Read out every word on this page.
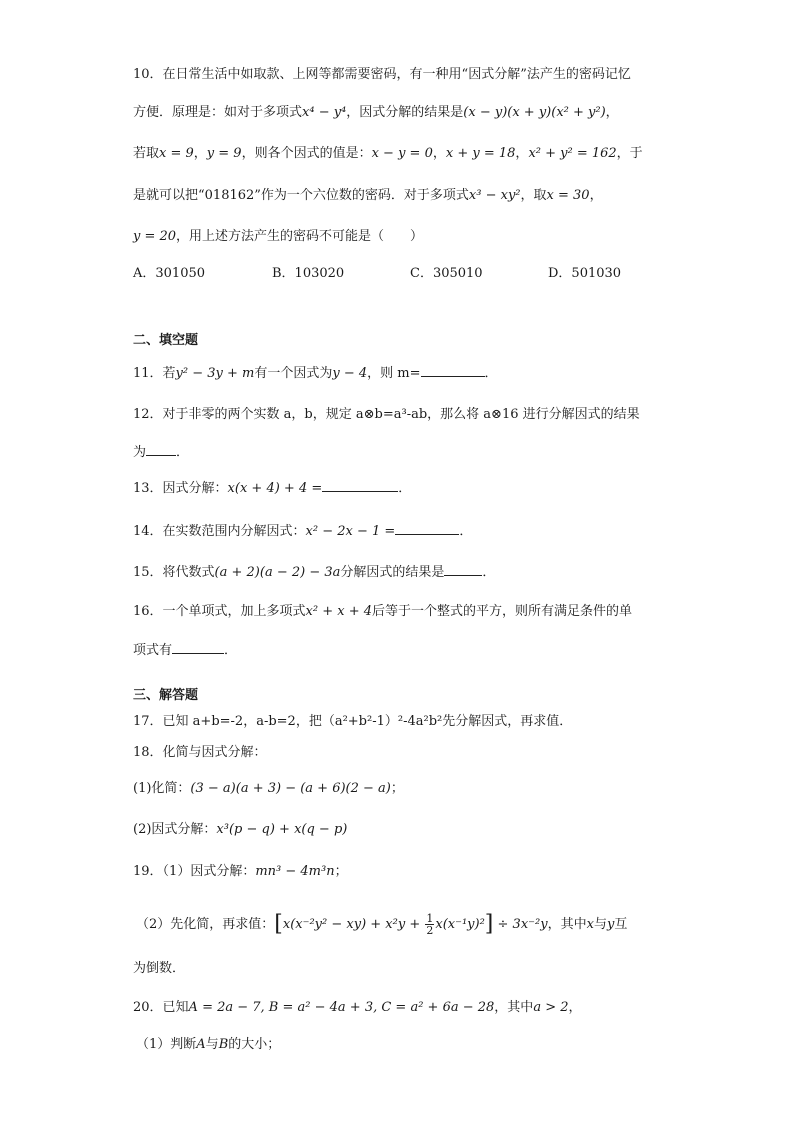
10．在日常生活中如取款、上网等都需要密码，有一种用“因式分解”法产生的密码记忆
方便．原理是：如对于多项式x⁴ − y⁴，因式分解的结果是(x − y)(x + y)(x² + y²)，
若取x = 9，y = 9，则各个因式的值是：x − y = 0，x + y = 18，x² + y² = 162，于
是就可以把“018162”作为一个六位数的密码．对于多项式x³ − xy²，取x = 30，
y = 20，用上述方法产生的密码不可能是（　　）
A．301050	B．103020	C．305010	D．501030
二、填空题
11．若y² − 3y + m有一个因式为y − 4，则 m=	．
12．对于非零的两个实数 a，b，规定 a⊗b=a³-ab，那么将 a⊗16 进行分解因式的结果
为 ．
13．因式分解：x(x + 4) + 4 =	．
14．在实数范围内分解因式：x² − 2x − 1 =	．
15．将代数式(a + 2)(a − 2) − 3a分解因式的结果是	．
16．一个单项式，加上多项式x² + x + 4后等于一个整式的平方，则所有满足条件的单
项式有	．
三、解答题
17．已知 a+b=-2，a-b=2，把（a²+b²-1）²-4a²b²先分解因式，再求值．
18．化简与因式分解：
(1)化简：(3 − a)(a + 3) − (a + 6)(2 − a)；
(2)因式分解：x³(p − q) + x(q − p)
19．（1）因式分解：mn³ − 4m³n；
（2）先化简，再求值：$[x(x^{-2}y^2 - xy) + x^2y + \frac{1}{2} x(x^{-1}y)^2] \div 3x^{-2}y$，其中x与y互
为倒数．
20．已知A = 2a − 7, B = a² − 4a + 3, C = a² + 6a − 28，其中a > 2，
（1）判断A与B的大小；
